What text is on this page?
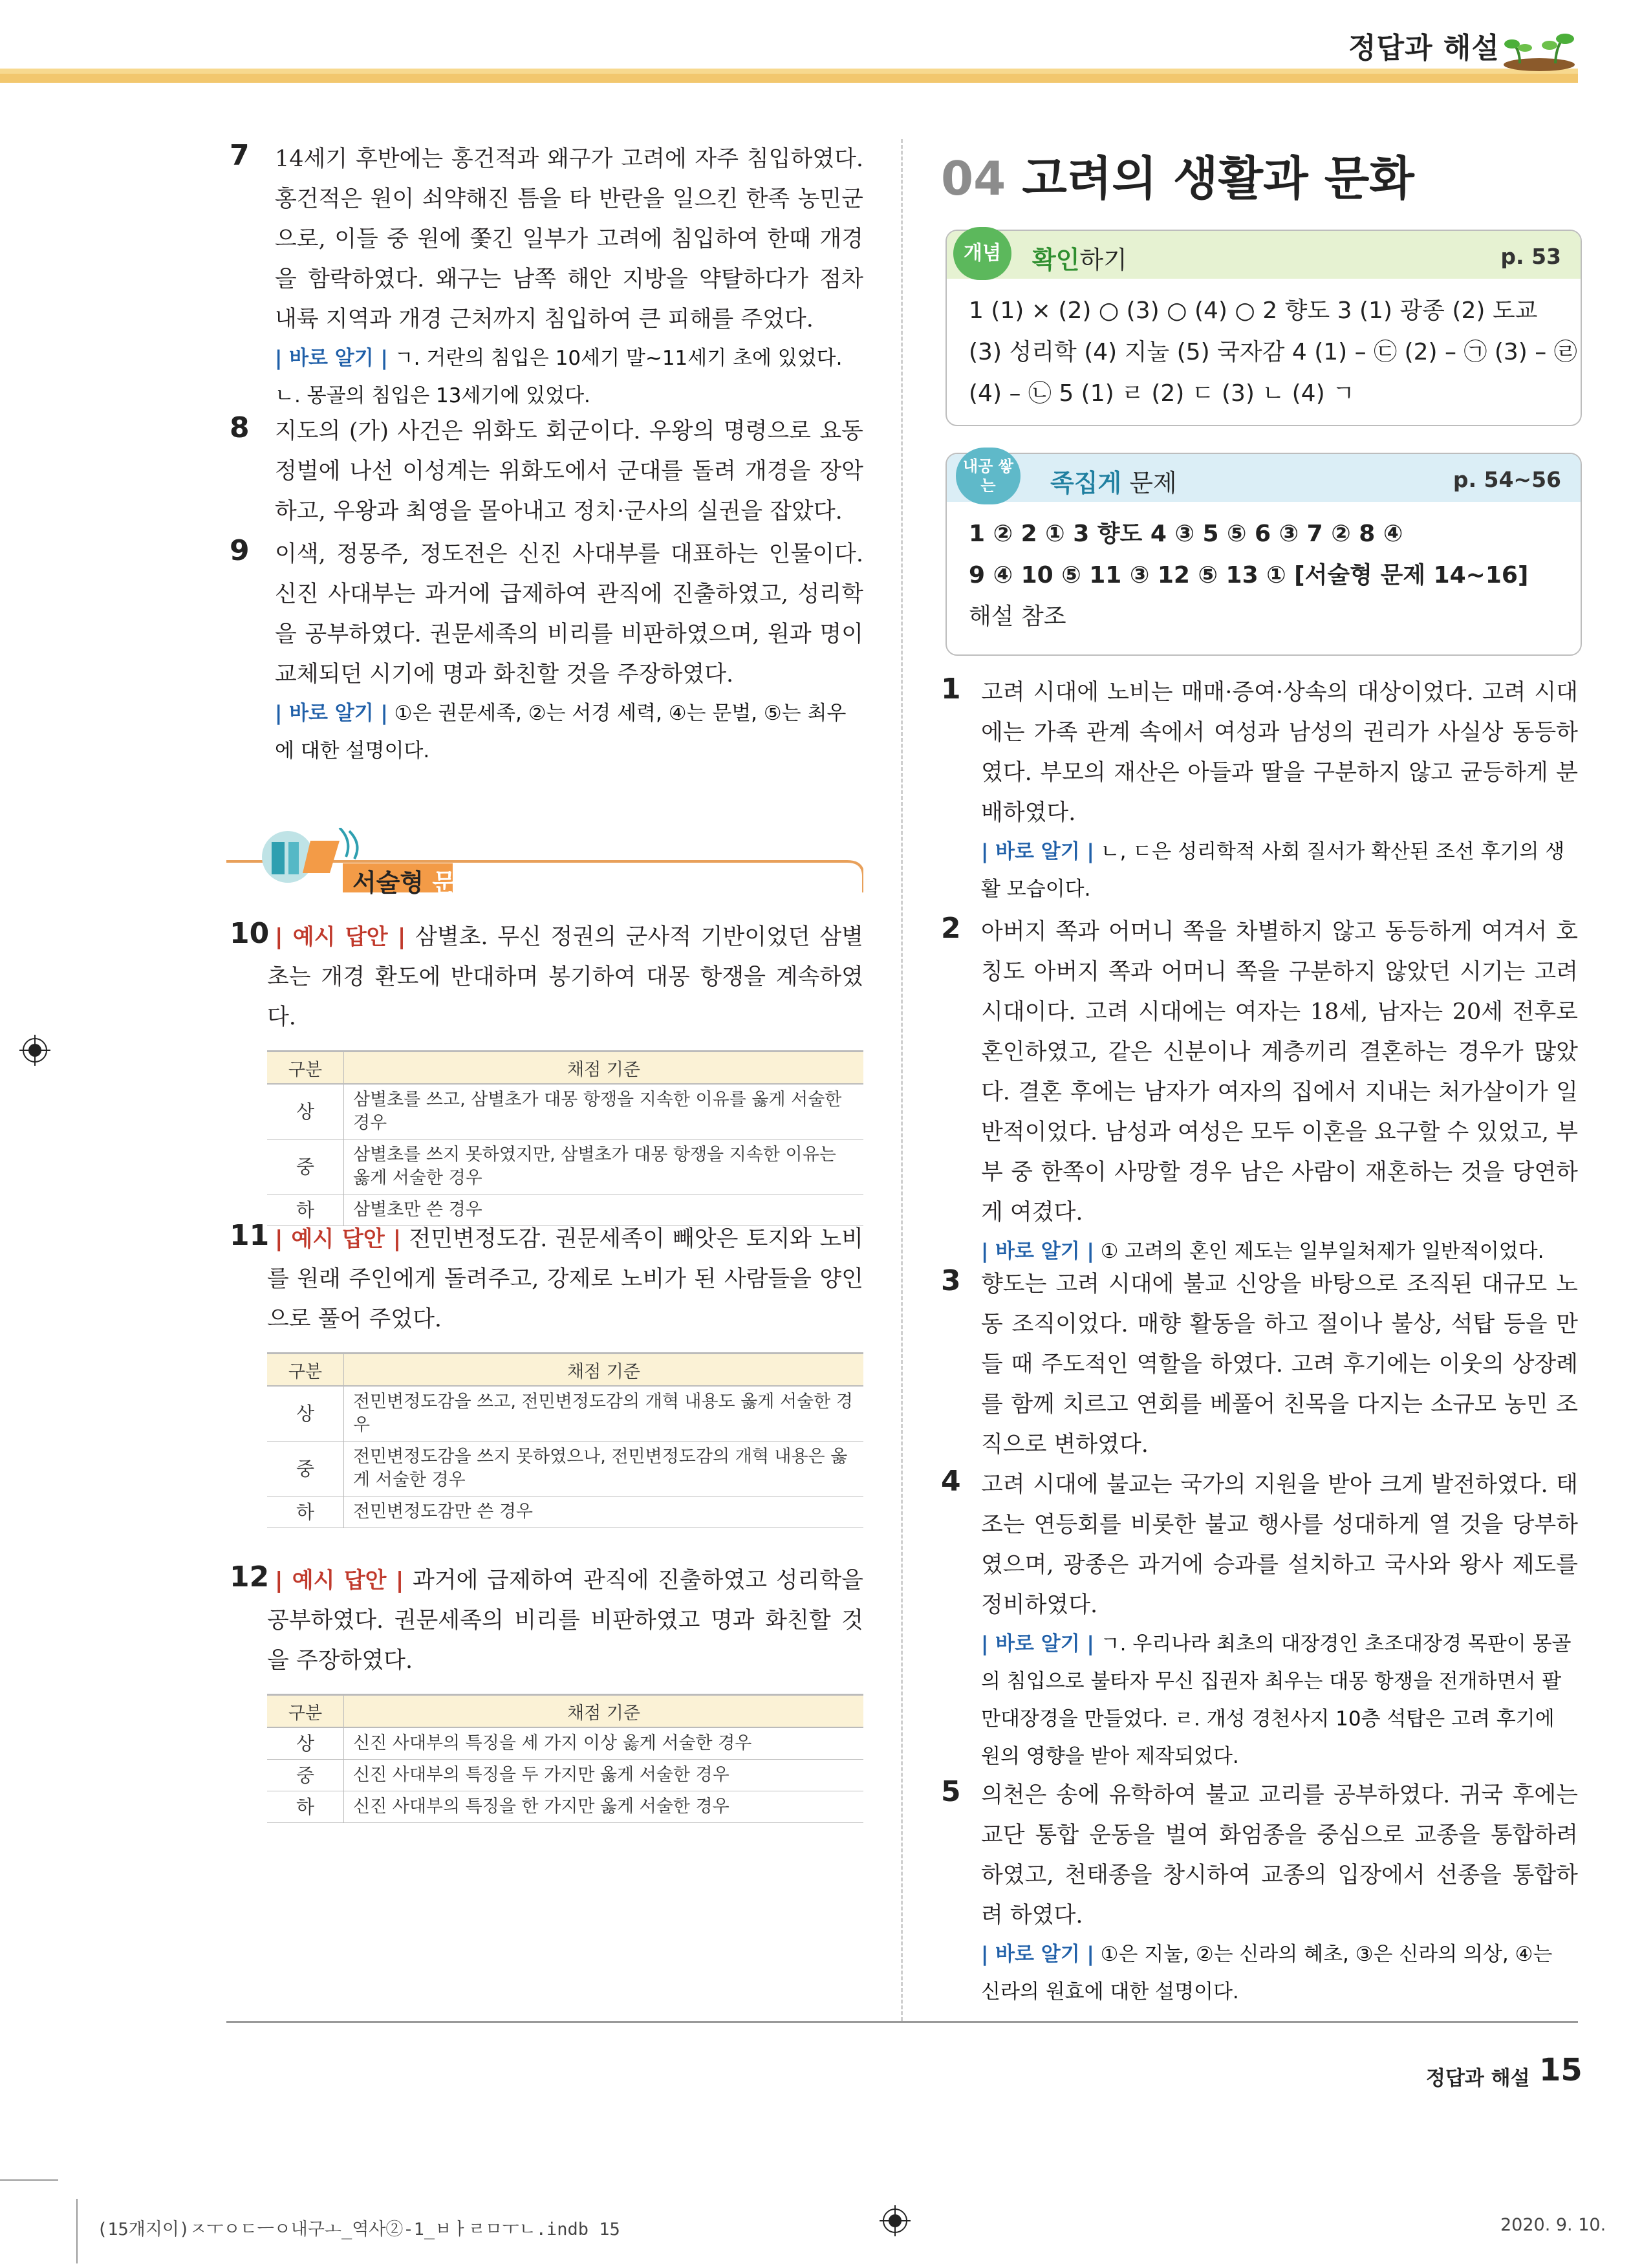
정답과 해설
7 14세기 후반에는 홍건적과 왜구가 고려에 자주 침입하였다. 홍건적은 원이 쇠약해진 틈을 타 반란을 일으킨 한족 농민군으로, 이들 중 원에 쫓긴 일부가 고려에 침입하여 한때 개경을 함락하였다. 왜구는 남쪽 해안 지방을 약탈하다가 점차 내륙 지역과 개경 근처까지 침입하여 큰 피해를 주었다.
| 바로 알기 | ㄱ. 거란의 침입은 10세기 말~11세기 초에 있었다. ㄴ. 몽골의 침입은 13세기에 있었다.
8 지도의 (가) 사건은 위화도 회군이다. 우왕의 명령으로 요동 정벌에 나선 이성계는 위화도에서 군대를 돌려 개경을 장악하고, 우왕과 최영을 몰아내고 정치·군사의 실권을 잡았다.
9 이색, 정몽주, 정도전은 신진 사대부를 대표하는 인물이다. 신진 사대부는 과거에 급제하여 관직에 진출하였고, 성리학을 공부하였다. 권문세족의 비리를 비판하였으며, 원과 명이 교체되던 시기에 명과 화친할 것을 주장하였다.
| 바로 알기 | ①은 권문세족, ②는 서경 세력, ④는 문벌, ⑤는 최우에 대한 설명이다.
서술형 문제
10 | 예시 답안 | 삼별초. 무신 정권의 군사적 기반이었던 삼별초는 개경 환도에 반대하며 봉기하여 대몽 항쟁을 계속하였다.
구분	채점 기준
상	삼별초를 쓰고, 삼별초가 대몽 항쟁을 지속한 이유를 옳게 서술한 경우
중	삼별초를 쓰지 못하였지만, 삼별초가 대몽 항쟁을 지속한 이유는 옳게 서술한 경우
하	삼별초만 쓴 경우
11 | 예시 답안 | 전민변정도감. 권문세족이 빼앗은 토지와 노비를 원래 주인에게 돌려주고, 강제로 노비가 된 사람들을 양인으로 풀어 주었다.
구분	채점 기준
상	전민변정도감을 쓰고, 전민변정도감의 개혁 내용도 옳게 서술한 경우
중	전민변정도감을 쓰지 못하였으나, 전민변정도감의 개혁 내용은 옳게 서술한 경우
하	전민변정도감만 쓴 경우
12 | 예시 답안 | 과거에 급제하여 관직에 진출하였고 성리학을 공부하였다. 권문세족의 비리를 비판하였고 명과 화친할 것을 주장하였다.
구분	채점 기준
상	신진 사대부의 특징을 세 가지 이상 옳게 서술한 경우
중	신진 사대부의 특징을 두 가지만 옳게 서술한 경우
하	신진 사대부의 특징을 한 가지만 옳게 서술한 경우
04 고려의 생활과 문화
개념	확인하기	p. 53
1 (1) × (2) ○ (3) ○ (4) ○ 2 향도 3 (1) 광종 (2) 도교
(3) 성리학 (4) 지눌 (5) 국자감 4 (1) – ㉢ (2) – ㉠ (3) – ㉣
(4) – ㉡ 5 (1) ㄹ (2) ㄷ (3) ㄴ (4) ㄱ
내공 쌓는	족집게 문제	p. 54~56
1 ② 2 ① 3 향도 4 ③ 5 ⑤ 6 ③ 7 ② 8 ④
9 ④ 10 ⑤ 11 ③ 12 ⑤ 13 ① [서술형 문제 14~16]
해설 참조
1 고려 시대에 노비는 매매·증여·상속의 대상이었다. 고려 시대에는 가족 관계 속에서 여성과 남성의 권리가 사실상 동등하였다. 부모의 재산은 아들과 딸을 구분하지 않고 균등하게 분배하였다.
| 바로 알기 | ㄴ, ㄷ은 성리학적 사회 질서가 확산된 조선 후기의 생활 모습이다.
2 아버지 쪽과 어머니 쪽을 차별하지 않고 동등하게 여겨서 호칭도 아버지 쪽과 어머니 쪽을 구분하지 않았던 시기는 고려 시대이다. 고려 시대에는 여자는 18세, 남자는 20세 전후로 혼인하였고, 같은 신분이나 계층끼리 결혼하는 경우가 많았다. 결혼 후에는 남자가 여자의 집에서 지내는 처가살이가 일반적이었다. 남성과 여성은 모두 이혼을 요구할 수 있었고, 부부 중 한쪽이 사망할 경우 남은 사람이 재혼하는 것을 당연하게 여겼다.
| 바로 알기 | ① 고려의 혼인 제도는 일부일처제가 일반적이었다.
3 향도는 고려 시대에 불교 신앙을 바탕으로 조직된 대규모 노동 조직이었다. 매향 활동을 하고 절이나 불상, 석탑 등을 만들 때 주도적인 역할을 하였다. 고려 후기에는 이웃의 상장례를 함께 치르고 연회를 베풀어 친목을 다지는 소규모 농민 조직으로 변하였다.
4 고려 시대에 불교는 국가의 지원을 받아 크게 발전하였다. 태조는 연등회를 비롯한 불교 행사를 성대하게 열 것을 당부하였으며, 광종은 과거에 승과를 설치하고 국사와 왕사 제도를 정비하였다.
| 바로 알기 | ㄱ. 우리나라 최초의 대장경인 초조대장경 목판이 몽골의 침입으로 불타자 무신 집권자 최우는 대몽 항쟁을 전개하면서 팔만대장경을 만들었다. ㄹ. 개성 경천사지 10층 석탑은 고려 후기에 원의 영향을 받아 제작되었다.
5 의천은 송에 유학하여 불교 교리를 공부하였다. 귀국 후에는 교단 통합 운동을 벌여 화엄종을 중심으로 교종을 통합하려 하였고, 천태종을 창시하여 교종의 입장에서 선종을 통합하려 하였다.
| 바로 알기 | ①은 지눌, ②는 신라의 혜초, ③은 신라의 의상, ④는 신라의 원효에 대한 설명이다.
정답과 해설 15
(15개지이)ㅈㅜㅇㄷㅡㅇ내구ㅗ_역사②-1_ㅂㅏㄹㅁㅜㄴ.indb 15	2020. 9. 10.
